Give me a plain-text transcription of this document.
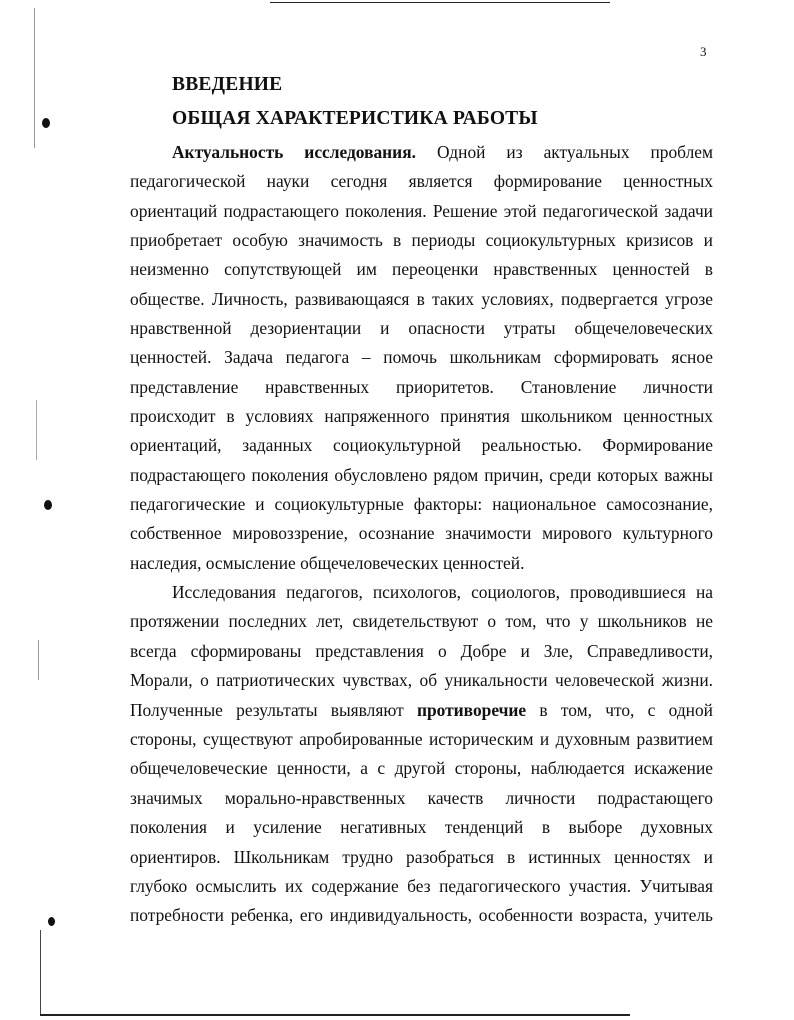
3
ВВЕДЕНИЕ
ОБЩАЯ ХАРАКТЕРИСТИКА РАБОТЫ
Актуальность исследования. Одной из актуальных проблем
педагогической науки сегодня является формирование ценностных
ориентаций подрастающего поколения. Решение этой педагогической задачи
приобретает особую значимость в периоды социокультурных кризисов и
неизменно сопутствующей им переоценки нравственных ценностей в
обществе. Личность, развивающаяся в таких условиях, подвергается угрозе
нравственной дезориентации и опасности утраты общечеловеческих
ценностей. Задача педагога – помочь школьникам сформировать ясное
представление нравственных приоритетов. Становление личности
происходит в условиях напряженного принятия школьником ценностных
ориентаций, заданных социокультурной реальностью. Формирование
подрастающего поколения обусловлено рядом причин, среди которых важны
педагогические и социокультурные факторы: национальное самосознание,
собственное мировоззрение, осознание значимости мирового культурного
наследия, осмысление общечеловеческих ценностей.
Исследования педагогов, психологов, социологов, проводившиеся на
протяжении последних лет, свидетельствуют о том, что у школьников не
всегда сформированы представления о Добре и Зле, Справедливости,
Морали, о патриотических чувствах, об уникальности человеческой жизни.
Полученные результаты выявляют противоречие в том, что, с одной
стороны, существуют апробированные историческим и духовным развитием
общечеловеческие ценности, а с другой стороны, наблюдается искажение
значимых морально-нравственных качеств личности подрастающего
поколения и усиление негативных тенденций в выборе духовных
ориентиров. Школьникам трудно разобраться в истинных ценностях и
глубоко осмыслить их содержание без педагогического участия. Учитывая
потребности ребенка, его индивидуальность, особенности возраста, учитель
